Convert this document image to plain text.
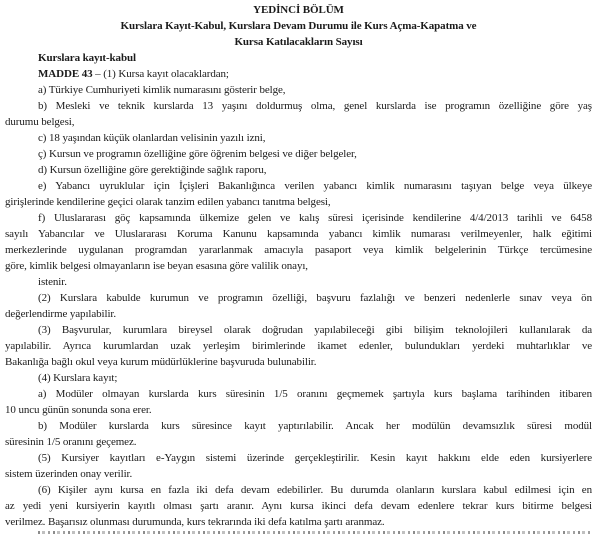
YEDİNCİ BÖLÜM
Kurslara Kayıt-Kabul, Kurslara Devam Durumu ile Kurs Açma-Kapatma ve
Kursa Katılacakların Sayısı
Kurslara kayıt-kabul
MADDE 43 – (1) Kursa kayıt olacaklardan;
a) Türkiye Cumhuriyeti kimlik numarasını gösterir belge,
b) Mesleki ve teknik kurslarda 13 yaşını doldurmuş olma, genel kurslarda ise programın özelliğine göre yaş
durumu belgesi,
c) 18 yaşından küçük olanlardan velisinin yazılı izni,
ç) Kursun ve programın özelliğine göre öğrenim belgesi ve diğer belgeler,
d) Kursun özelliğine göre gerektiğinde sağlık raporu,
e) Yabancı uyruklular için İçişleri Bakanlığınca verilen yabancı kimlik numarasını taşıyan belge veya ülkeye
girişlerinde kendilerine geçici olarak tanzim edilen yabancı tanıtma belgesi,
f) Uluslararası göç kapsamında ülkemize gelen ve kalış süresi içerisinde kendilerine 4/4/2013 tarihli ve 6458
sayılı Yabancılar ve Uluslararası Koruma Kanunu kapsamında yabancı kimlik numarası verilmeyenler, halk eğitimi
merkezlerinde uygulanan programdan yararlanmak amacıyla pasaport veya kimlik belgelerinin Türkçe tercümesine
göre, kimlik belgesi olmayanların ise beyan esasına göre valilik onayı,
istenir.
(2) Kurslara kabulde kurumun ve programın özelliği, başvuru fazlalığı ve benzeri nedenlerle sınav veya ön
değerlendirme yapılabilir.
(3) Başvurular, kurumlara bireysel olarak doğrudan yapılabileceği gibi bilişim teknolojileri kullanılarak da
yapılabilir. Ayrıca kurumlardan uzak yerleşim birimlerinde ikamet edenler, bulundukları yerdeki muhtarlıklar ve
Bakanlığa bağlı okul veya kurum müdürlüklerine başvuruda bulunabilir.
(4) Kurslara kayıt;
a) Modüler olmayan kurslarda kurs süresinin 1/5 oranını geçmemek şartıyla kurs başlama tarihinden itibaren
10 uncu günün sonunda sona erer.
b) Modüler kurslarda kurs süresince kayıt yaptırılabilir. Ancak her modülün devamsızlık süresi modül
süresinin 1/5 oranını geçemez.
(5) Kursiyer kayıtları e-Yaygın sistemi üzerinde gerçekleştirilir. Kesin kayıt hakkını elde eden kursiyerlere
sistem üzerinden onay verilir.
(6) Kişiler aynı kursa en fazla iki defa devam edebilirler. Bu durumda olanların kurslara kabul edilmesi için en
az yedi yeni kursiyerin kayıtlı olması şartı aranır. Aynı kursa ikinci defa devam edenlere tekrar kurs bitirme belgesi
verilmez. Başarısız olunması durumunda, kurs tekrarında iki defa katılma şartı aranmaz.
